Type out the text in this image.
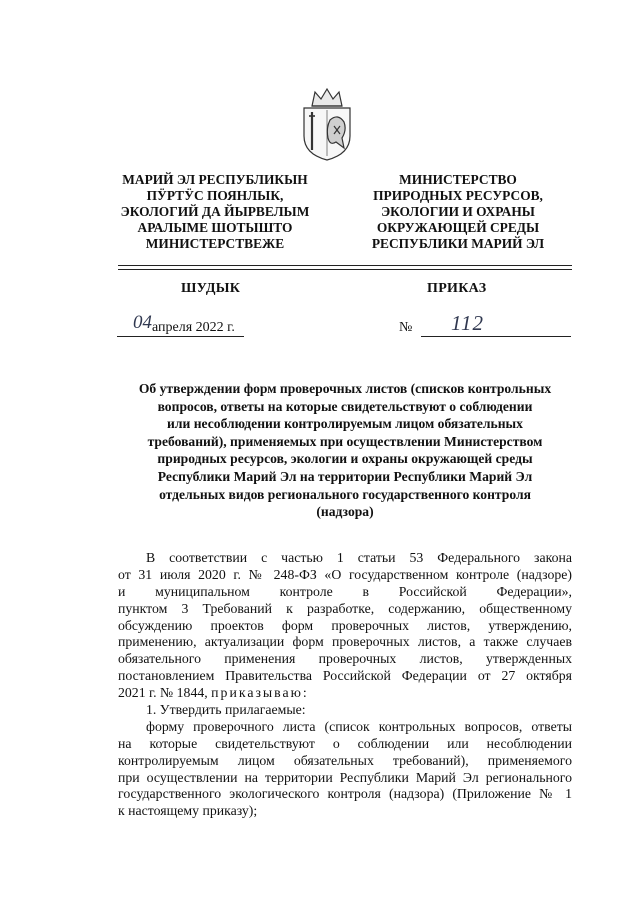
МАРИЙ ЭЛ РЕСПУБЛИКЫН
ПӰРТӰС ПОЯНЛЫК,
ЭКОЛОГИЙ ДА ЙЫРВЕЛЫМ
АРАЛЫМЕ ШОТЫШТО
МИНИСТЕРСТВЕЖЕ
МИНИСТЕРСТВО
ПРИРОДНЫХ РЕСУРСОВ,
ЭКОЛОГИИ И ОХРАНЫ
ОКРУЖАЮЩЕЙ СРЕДЫ
РЕСПУБЛИКИ МАРИЙ ЭЛ
ШУДЫК	ПРИКАЗ
04 апреля 2022 г.	№ 112
Об утверждении форм проверочных листов (списков контрольных
вопросов, ответы на которые свидетельствуют о соблюдении
или несоблюдении контролируемым лицом обязательных
требований), применяемых при осуществлении Министерством
природных ресурсов, экологии и охраны окружающей среды
Республики Марий Эл на территории Республики Марий Эл
отдельных видов регионального государственного контроля
(надзора)
В соответствии с частью 1 статьи 53 Федерального закона
от 31 июля 2020 г. № 248-ФЗ «О государственном контроле (надзоре)
и муниципальном контроле в Российской Федерации»,
пунктом 3 Требований к разработке, содержанию, общественному
обсуждению проектов форм проверочных листов, утверждению,
применению, актуализации форм проверочных листов, а также случаев
обязательного применения проверочных листов, утвержденных
постановлением Правительства Российской Федерации от 27 октября
2021 г. № 1844, приказываю:
1. Утвердить прилагаемые:
форму проверочного листа (список контрольных вопросов, ответы
на которые свидетельствуют о соблюдении или несоблюдении
контролируемым лицом обязательных требований), применяемого
при осуществлении на территории Республики Марий Эл регионального
государственного экологического контроля (надзора) (Приложение № 1
к настоящему приказу);
